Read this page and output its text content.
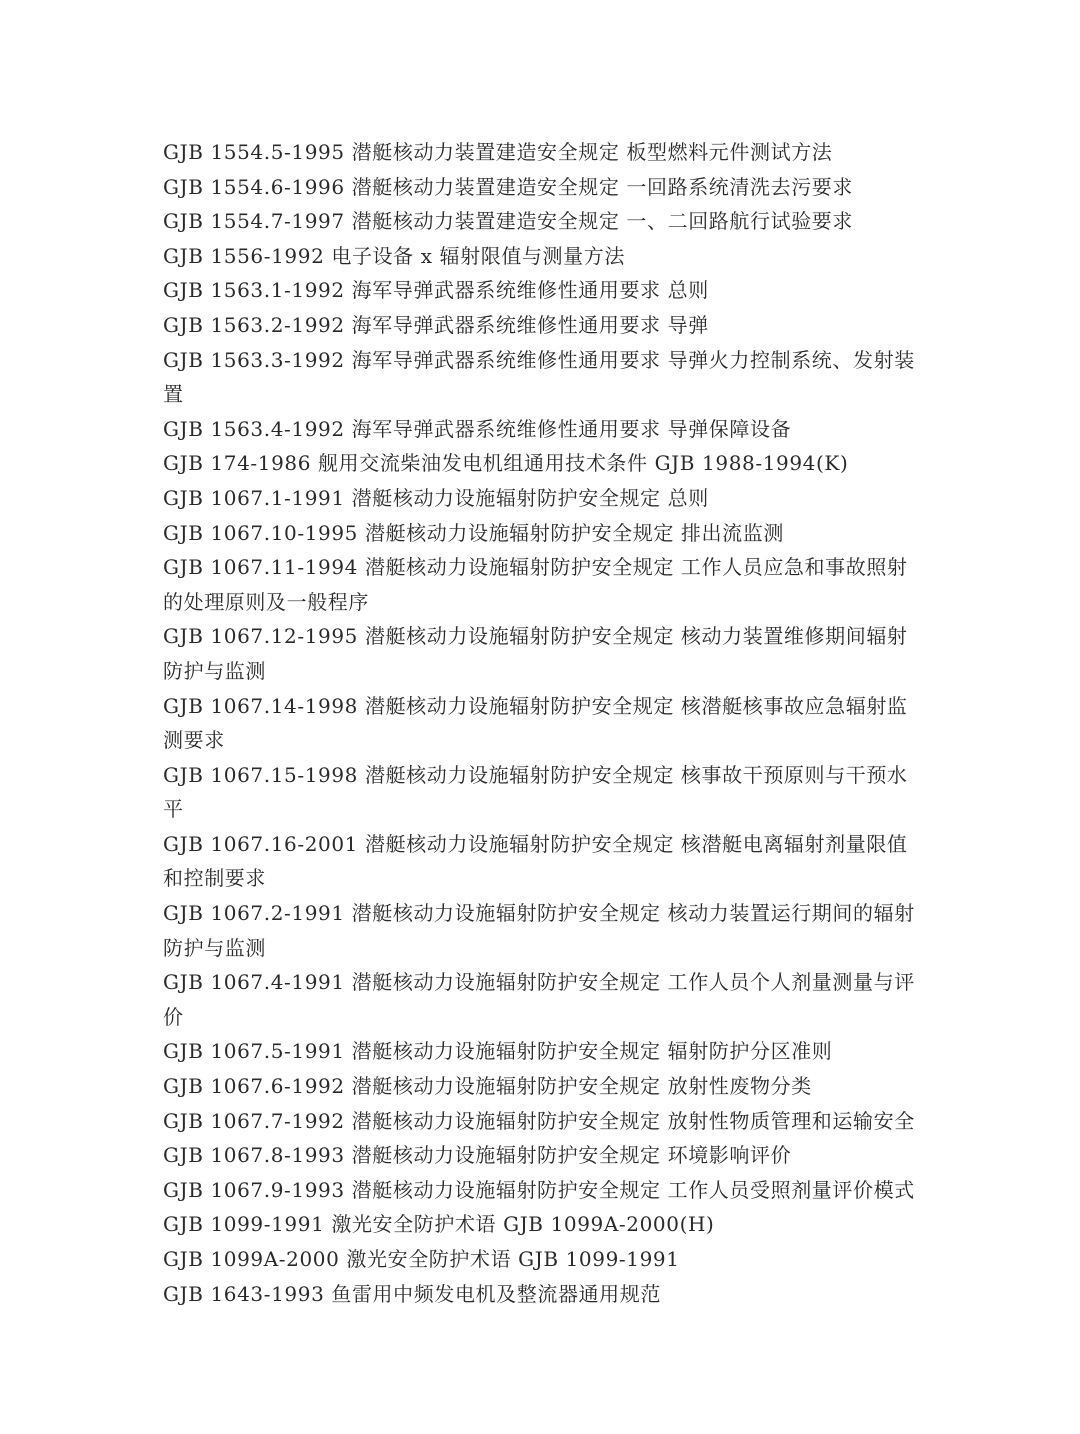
GJB 1554.5-1995 潜艇核动力装置建造安全规定 板型燃料元件测试方法

GJB 1554.6-1996 潜艇核动力装置建造安全规定 一回路系统清洗去污要求

GJB 1554.7-1997 潜艇核动力装置建造安全规定 一、二回路航行试验要求

GJB 1556-1992 电子设备 x 辐射限值与测量方法

GJB 1563.1-1992 海军导弹武器系统维修性通用要求 总则

GJB 1563.2-1992 海军导弹武器系统维修性通用要求 导弹

GJB 1563.3-1992 海军导弹武器系统维修性通用要求 导弹火力控制系统、发射装置

GJB 1563.4-1992 海军导弹武器系统维修性通用要求 导弹保障设备

GJB 174-1986 舰用交流柴油发电机组通用技术条件 GJB 1988-1994(K)

GJB 1067.1-1991 潜艇核动力设施辐射防护安全规定 总则

GJB 1067.10-1995 潜艇核动力设施辐射防护安全规定 排出流监测

GJB 1067.11-1994 潜艇核动力设施辐射防护安全规定 工作人员应急和事故照射的处理原则及一般程序

GJB 1067.12-1995 潜艇核动力设施辐射防护安全规定 核动力装置维修期间辐射防护与监测

GJB 1067.14-1998 潜艇核动力设施辐射防护安全规定 核潜艇核事故应急辐射监测要求

GJB 1067.15-1998 潜艇核动力设施辐射防护安全规定 核事故干预原则与干预水平

GJB 1067.16-2001 潜艇核动力设施辐射防护安全规定 核潜艇电离辐射剂量限值和控制要求

GJB 1067.2-1991 潜艇核动力设施辐射防护安全规定 核动力装置运行期间的辐射防护与监测

GJB 1067.4-1991 潜艇核动力设施辐射防护安全规定 工作人员个人剂量测量与评价

GJB 1067.5-1991 潜艇核动力设施辐射防护安全规定 辐射防护分区准则

GJB 1067.6-1992 潜艇核动力设施辐射防护安全规定 放射性废物分类

GJB 1067.7-1992 潜艇核动力设施辐射防护安全规定 放射性物质管理和运输安全

GJB 1067.8-1993 潜艇核动力设施辐射防护安全规定 环境影响评价

GJB 1067.9-1993 潜艇核动力设施辐射防护安全规定 工作人员受照剂量评价模式

GJB 1099-1991 激光安全防护术语 GJB 1099A-2000(H)

GJB 1099A-2000 激光安全防护术语 GJB 1099-1991

GJB 1643-1993 鱼雷用中频发电机及整流器通用规范
